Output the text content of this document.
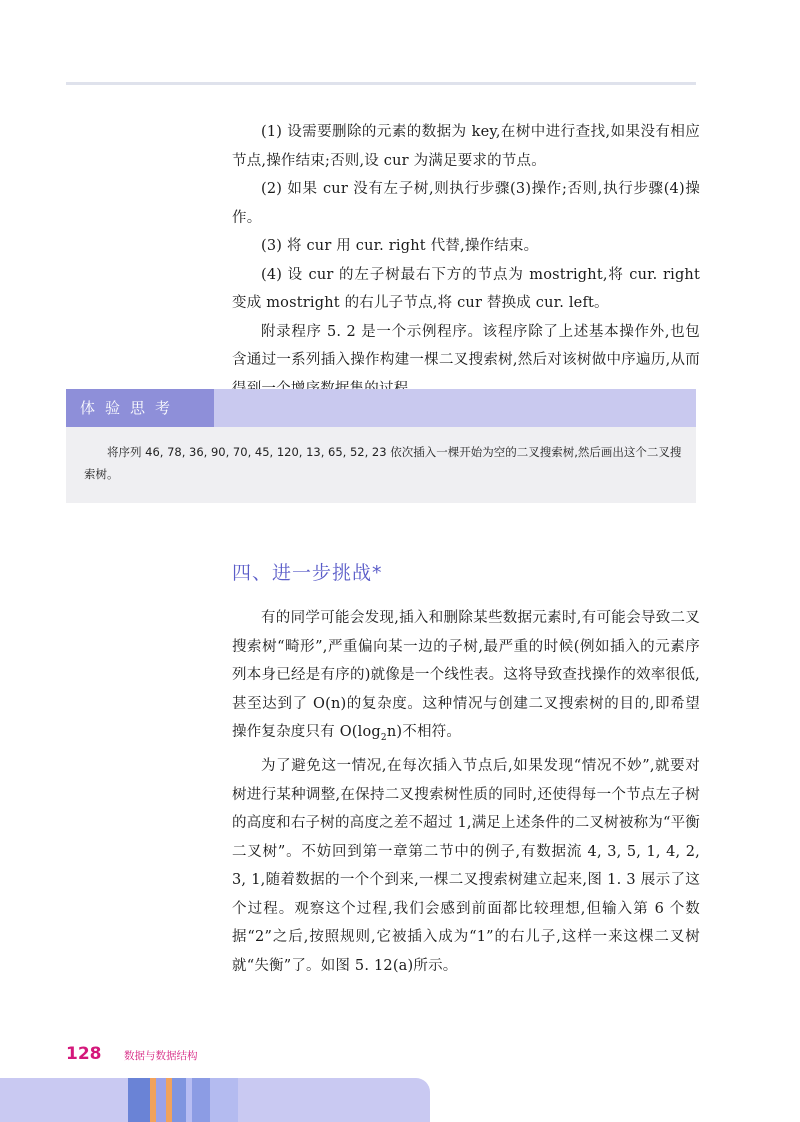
(1) 设需要删除的元素的数据为 key,在树中进行查找,如果没有相应节点,操作结束;否则,设 cur 为满足要求的节点。

(2) 如果 cur 没有左子树,则执行步骤(3)操作;否则,执行步骤(4)操作。

(3) 将 cur 用 cur. right 代替,操作结束。

(4) 设 cur 的左子树最右下方的节点为 mostright,将 cur. right 变成 mostright 的右儿子节点,将 cur 替换成 cur. left。

附录程序 5. 2 是一个示例程序。该程序除了上述基本操作外,也包含通过一系列插入操作构建一棵二叉搜索树,然后对该树做中序遍历,从而

体验思考

将序列 46, 78, 36, 90, 70, 45, 120, 13, 65, 52, 23 依次插入一棵开始为空的二叉搜索树,然后画出这个二叉搜索树。

四、进一步挑战*

有的同学可能会发现,插入和删除某些数据元素时,有可能会导致二叉搜索树“畸形”,严重偏向某一边的子树,最严重的时候(例如插入的元素序列本身已经是有序的)就像是一个线性表。这将导致查找操作的效率很低,甚至达到了 O(n)的复杂度。这种情况与创建二叉搜索树的目的,即希望操作复杂度只有 $O(\log_2n)$不相符。

为了避免这一情况,在每次插入节点后,如果发现“情况不妙”,就要对树进行某种调整,在保持二叉搜索树性质的同时,还使得每一个节点左子树的高度和右子树的高度之差不超过 1,满足上述条件的二叉树被称为“平衡二叉树”。不妨回到第一章第二节中的例子,有数据流 4, 3, 5, 1, 4, 2, 3, 1,随着数据的一个个到来,一棵二叉搜索树建立起来,图 1. 3 展示了这个过程。观察这个过程,我们会感到前面都比较理想,但输入第 6 个数据“2”之后,按照规则,它被插入成为“1”的右儿子,这样一来这棵二叉树就“失衡”了。如图 5. 12(a)所示。

128 数据与数据结构
